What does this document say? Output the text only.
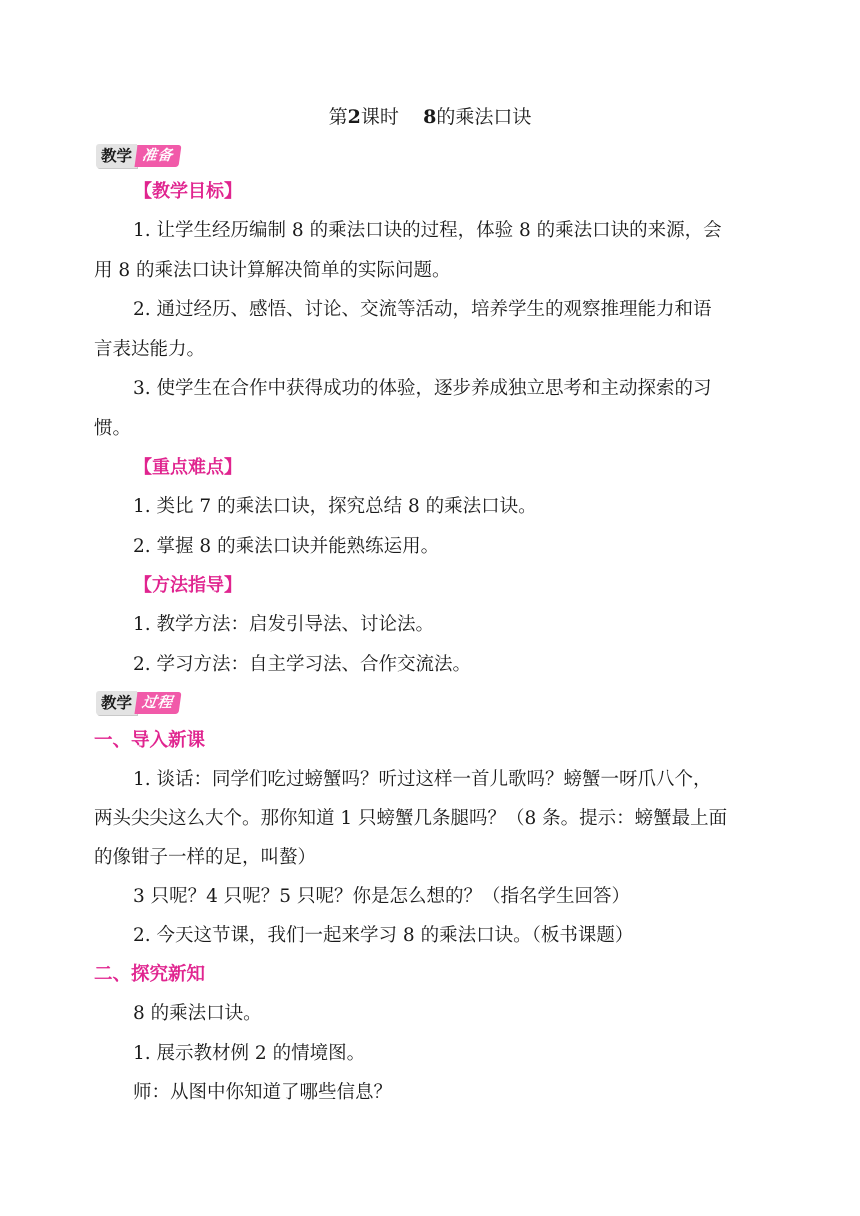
第2课时 8的乘法口诀
教学 准备
【教学目标】
1. 让学生经历编制 8 的乘法口诀的过程，体验 8 的乘法口诀的来源，会
用 8 的乘法口诀计算解决简单的实际问题。
2. 通过经历、感悟、讨论、交流等活动，培养学生的观察推理能力和语
言表达能力。
3. 使学生在合作中获得成功的体验，逐步养成独立思考和主动探索的习
惯。
【重点难点】
1. 类比 7 的乘法口诀，探究总结 8 的乘法口诀。
2. 掌握 8 的乘法口诀并能熟练运用。
【方法指导】
1. 教学方法：启发引导法、讨论法。
2. 学习方法：自主学习法、合作交流法。
教学 过程
一、导入新课
1. 谈话：同学们吃过螃蟹吗？听过这样一首儿歌吗？螃蟹一呀爪八个，
两头尖尖这么大个。那你知道 1 只螃蟹几条腿吗？（8 条。提示：螃蟹最上面
的像钳子一样的足，叫螯）
3 只呢？4 只呢？5 只呢？你是怎么想的？（指名学生回答）
2. 今天这节课，我们一起来学习 8 的乘法口诀。（板书课题）
二、探究新知
8 的乘法口诀。
1. 展示教材例 2 的情境图。
师：从图中你知道了哪些信息？
